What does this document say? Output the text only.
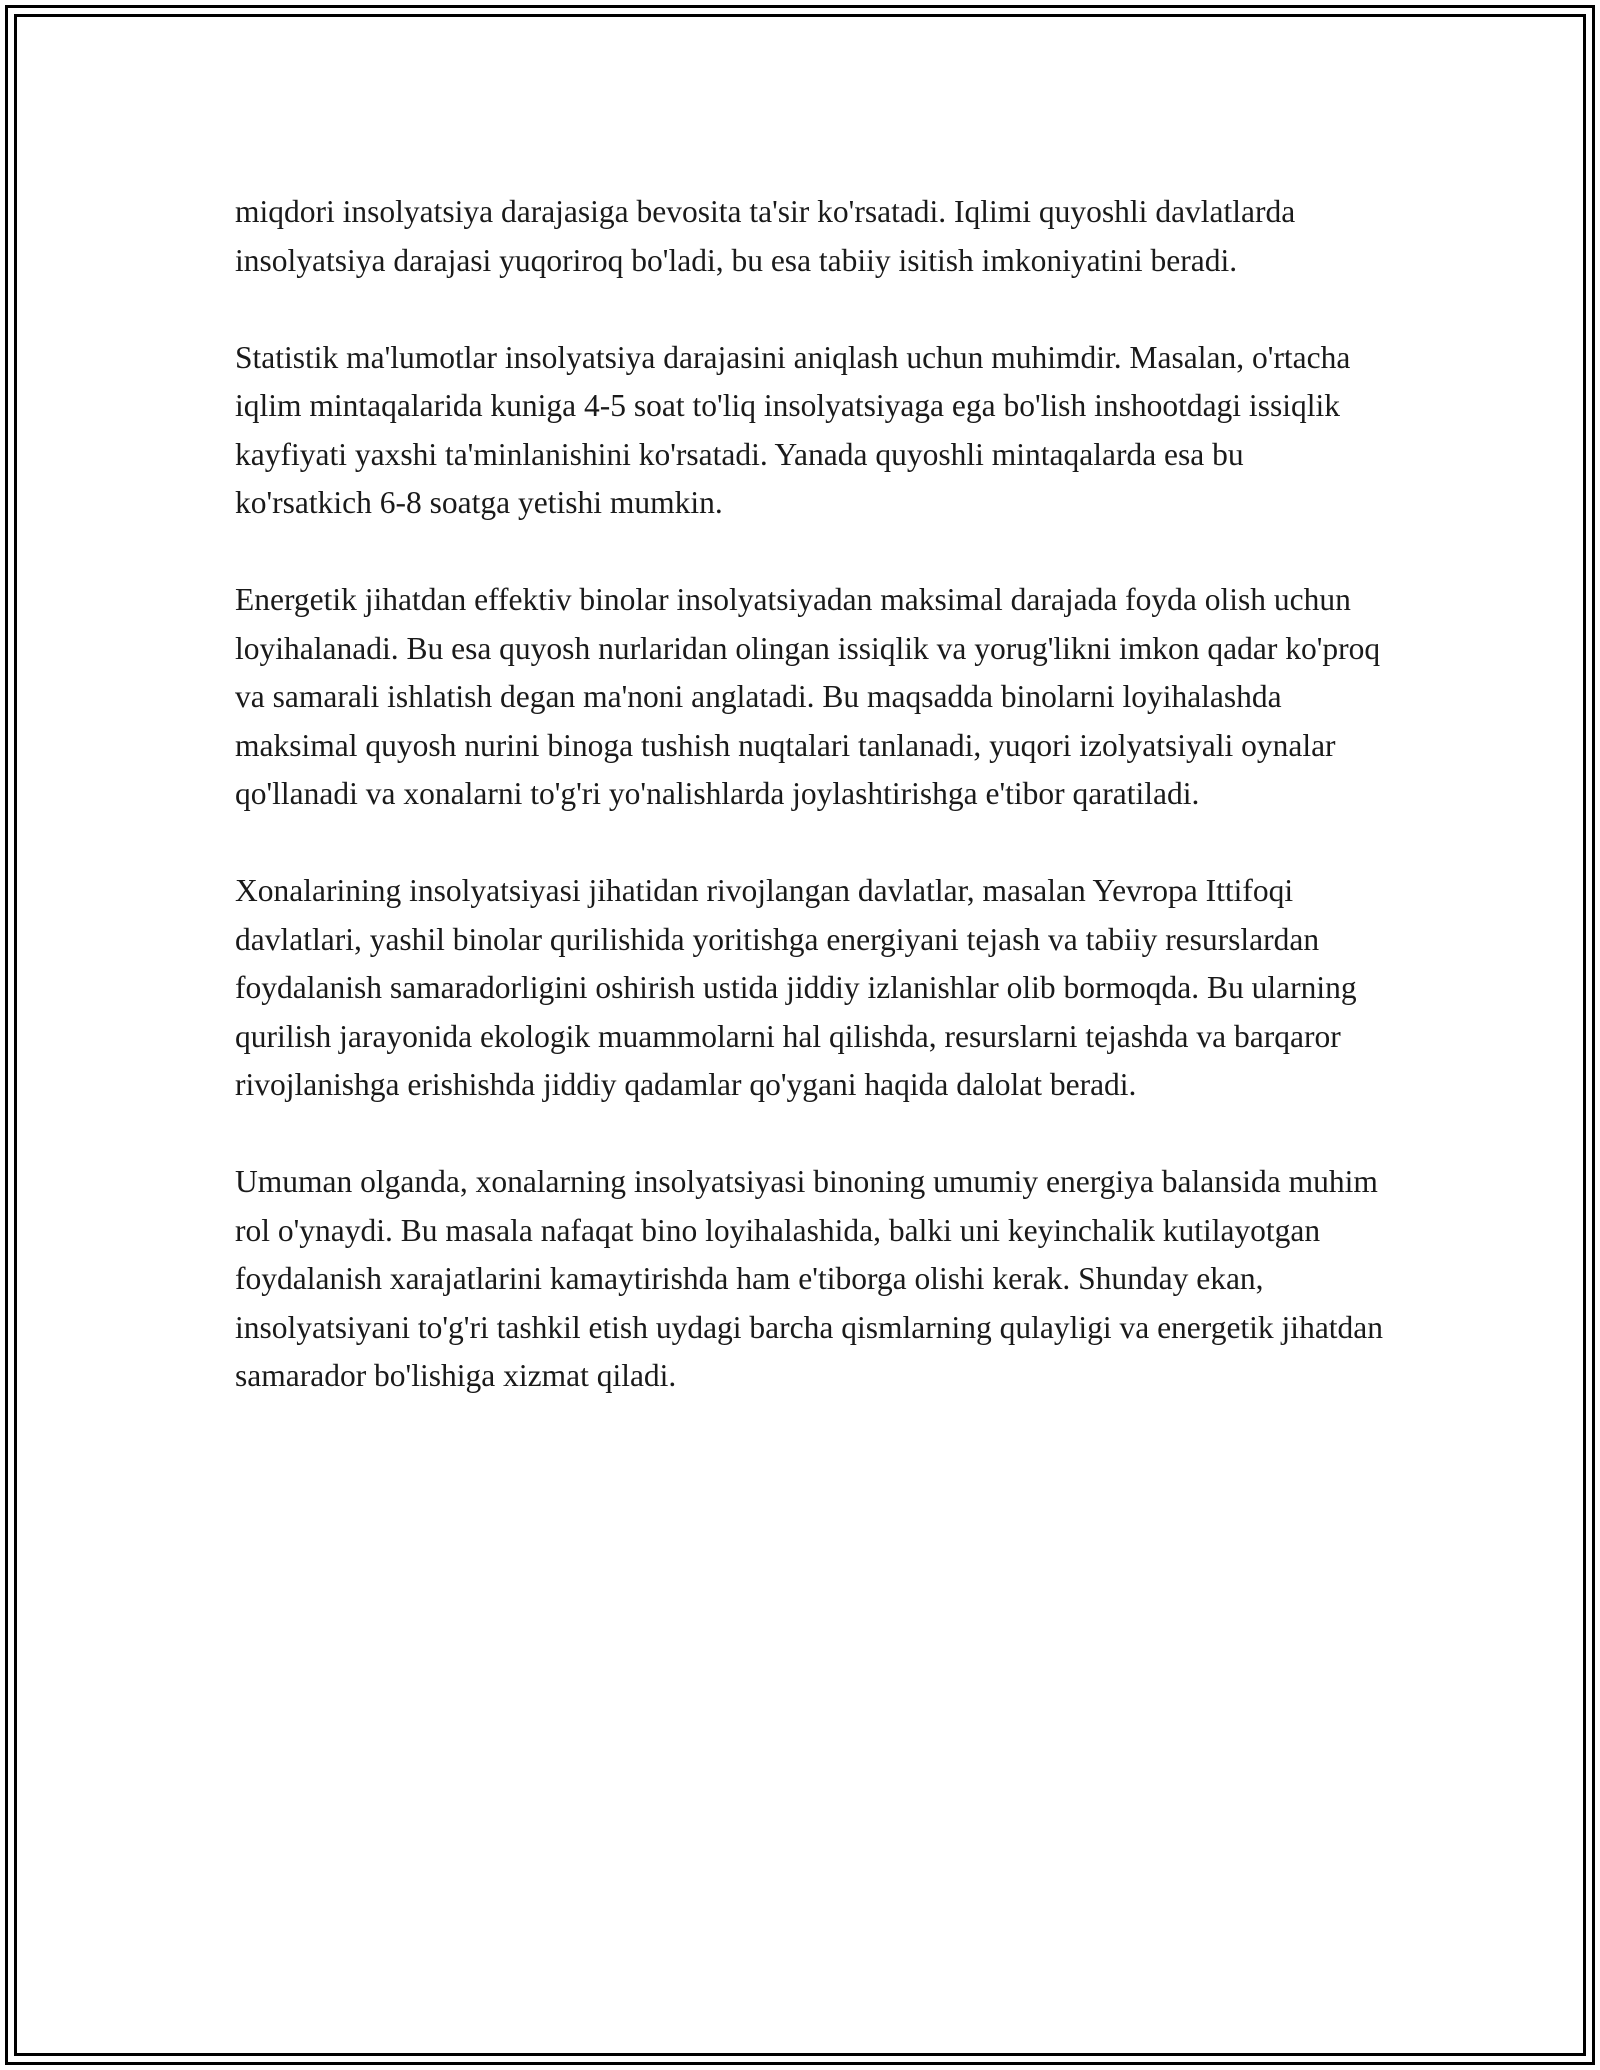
miqdori insolyatsiya darajasiga bevosita ta'sir ko'rsatadi. Iqlimi quyoshli davlatlarda insolyatsiya darajasi yuqoriroq bo'ladi, bu esa tabiiy isitish imkoniyatini beradi.

Statistik ma'lumotlar insolyatsiya darajasini aniqlash uchun muhimdir. Masalan, o'rtacha iqlim mintaqalarida kuniga 4-5 soat to'liq insolyatsiyaga ega bo'lish inshootdagi issiqlik kayfiyati yaxshi ta'minlanishini ko'rsatadi. Yanada quyoshli mintaqalarda esa bu ko'rsatkich 6-8 soatga yetishi mumkin.

Energetik jihatdan effektiv binolar insolyatsiyadan maksimal darajada foyda olish uchun loyihalanadi. Bu esa quyosh nurlaridan olingan issiqlik va yorug'likni imkon qadar ko'proq va samarali ishlatish degan ma'noni anglatadi. Bu maqsadda binolarni loyihalashda maksimal quyosh nurini binoga tushish nuqtalari tanlanadi, yuqori izolyatsiyali oynalar qo'llanadi va xonalarni to'g'ri yo'nalishlarda joylashtirishga e'tibor qaratiladi.

Xonalarining insolyatsiyasi jihatidan rivojlangan davlatlar, masalan Yevropa Ittifoqi davlatlari, yashil binolar qurilishida yoritishga energiyani tejash va tabiiy resurslardan foydalanish samaradorligini oshirish ustida jiddiy izlanishlar olib bormoqda. Bu ularning qurilish jarayonida ekologik muammolarni hal qilishda, resurslarni tejashda va barqaror rivojlanishga erishishda jiddiy qadamlar qo'ygani haqida dalolat beradi.

Umuman olganda, xonalarning insolyatsiyasi binoning umumiy energiya balansida muhim rol o'ynaydi. Bu masala nafaqat bino loyihalashida, balki uni keyinchalik kutilayotgan foydalanish xarajatlarini kamaytirishda ham e'tiborga olishi kerak. Shunday ekan, insolyatsiyani to'g'ri tashkil etish uydagi barcha qismlarning qulayligi va energetik jihatdan samarador bo'lishiga xizmat qiladi.
